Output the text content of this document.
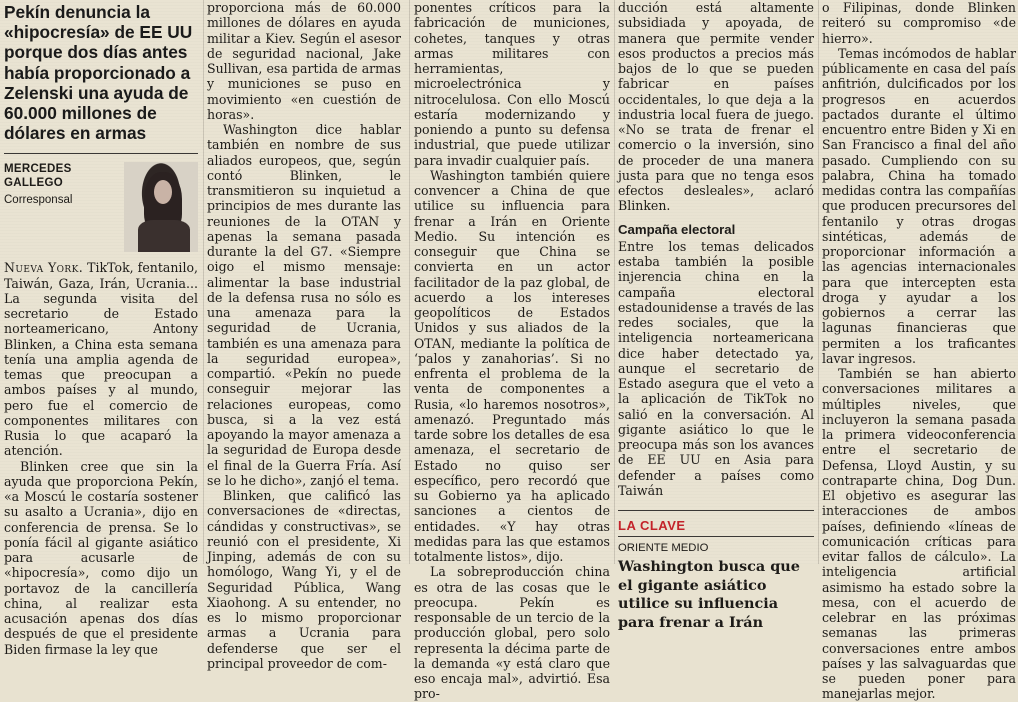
Pekín denuncia la
«hipocresía» de EE UU
porque dos días antes
había proporcionado a
Zelenski una ayuda de
60.000 millones de
dólares en armas
MERCEDES
GALLEGO
Corresponsal

Nueva York. TikTok, fentanilo, Taiwán, Gaza, Irán, Ucrania... La segunda visita del secretario de Estado norteamericano, Antony Blinken, a China esta semana tenía una amplia agenda de temas que preocupan a ambos países y al mundo, pero fue el comercio de componentes militares con Rusia lo que acaparó la atención.

Blinken cree que sin la ayuda que proporciona Pekín, «a Moscú le costaría sostener su asalto a Ucrania», dijo en conferencia de prensa. Se lo ponía fácil al gigante asiático para acusarle de «hipocresía», como dijo un portavoz de la cancillería china, al realizar esta acusación apenas dos días después de que el presidente Biden firmase la ley que

proporciona más de 60.000 millones de dólares en ayuda militar a Kiev. Según el asesor de seguridad nacional, Jake Sullivan, esa partida de armas y municiones se puso en movimiento «en cuestión de horas».

Washington dice hablar también en nombre de sus aliados europeos, que, según contó Blinken, le transmitieron su inquietud a principios de mes durante las reuniones de la OTAN y apenas la semana pasada durante la del G7. «Siempre oigo el mismo mensaje: alimentar la base industrial de la defensa rusa no sólo es una amenaza para la seguridad de Ucrania, también es una amenaza para la seguridad europea», compartió. «Pekín no puede conseguir mejorar las relaciones europeas, como busca, si a la vez está apoyando la mayor amenaza a la seguridad de Europa desde el final de la Guerra Fría. Así se lo he dicho», zanjó el tema.

Blinken, que calificó las conversaciones de «directas, cándidas y constructivas», se reunió con el presidente, Xi Jinping, además de con su homólogo, Wang Yi, y el de Seguridad Pública, Wang Xiaohong. A su entender, no es lo mismo proporcionar armas a Ucrania para defenderse que ser el principal proveedor de com-

ponentes críticos para la fabricación de municiones, cohetes, tanques y otras armas militares con herramientas, microelectrónica y nitrocelulosa. Con ello Moscú estaría modernizando y poniendo a punto su defensa industrial, que puede utilizar para invadir cualquier país.

Washington también quiere convencer a China de que utilice su influencia para frenar a Irán en Oriente Medio. Su intención es conseguir que China se convierta en un actor facilitador de la paz global, de acuerdo a los intereses geopolíticos de Estados Unidos y sus aliados de la OTAN, mediante la política de ‘palos y zanahorias’. Si no enfrenta el problema de la venta de componentes a Rusia, «lo haremos nosotros», amenazó. Preguntado más tarde sobre los detalles de esa amenaza, el secretario de Estado no quiso ser específico, pero recordó que su Gobierno ya ha aplicado sanciones a cientos de entidades. «Y hay otras medidas para las que estamos totalmente listos», dijo.

La sobreproducción china es otra de las cosas que le preocupa. Pekín es responsable de un tercio de la producción global, pero solo representa la décima parte de la demanda «y está claro que eso encaja mal», advirtió. Esa pro-

ducción está altamente subsidiada y apoyada, de manera que permite vender esos productos a precios más bajos de lo que se pueden fabricar en países occidentales, lo que deja a la industria local fuera de juego. «No se trata de frenar el comercio o la inversión, sino de proceder de una manera justa para que no tenga esos efectos desleales», aclaró Blinken.

Campaña electoral

Entre los temas delicados estaba también la posible injerencia china en la campaña electoral estadounidense a través de las redes sociales, que la inteligencia norteamericana dice haber detectado ya, aunque el secretario de Estado asegura que el veto a la aplicación de TikTok no salió en la conversación. Al gigante asiático lo que le preocupa más son los avances de EE UU en Asia para defender a países como Taiwán

LA CLAVE
ORIENTE MEDIO
Washington busca que el gigante asiático utilice su influencia para frenar a Irán

o Filipinas, donde Blinken reiteró su compromiso «de hierro».

Temas incómodos de hablar públicamente en casa del país anfitrión, dulcificados por los progresos en acuerdos pactados durante el último encuentro entre Biden y Xi en San Francisco a final del año pasado. Cumpliendo con su palabra, China ha tomado medidas contra las compañías que producen precursores del fentanilo y otras drogas sintéticas, además de proporcionar información a las agencias internacionales para que intercepten esta droga y ayudar a los gobiernos a cerrar las lagunas financieras que permiten a los traficantes lavar ingresos.

También se han abierto conversaciones militares a múltiples niveles, que incluyeron la semana pasada la primera videoconferencia entre el secretario de Defensa, Lloyd Austin, y su contraparte china, Dog Dun. El objetivo es asegurar las interacciones de ambos países, definiendo «líneas de comunicación críticas para evitar fallos de cálculo». La inteligencia artificial asimismo ha estado sobre la mesa, con el acuerdo de celebrar en las próximas semanas las primeras conversaciones entre ambos países y las salvaguardas que se pueden poner para manejarlas mejor.
